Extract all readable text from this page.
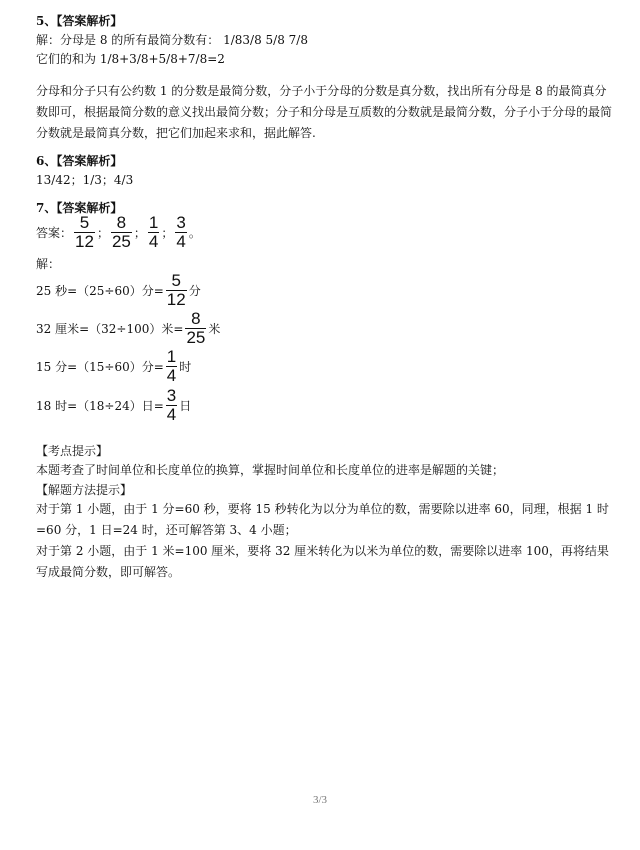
5、【答案解析】
解：分母是 8 的所有最简分数有： 1/83/8 5/8 7/8
它们的和为 1/8+3/8+5/8+7/8=2
分母和分子只有公约数 1 的分数是最简分数，分子小于分母的分数是真分数，找出所有分母是 8 的最简真分数即可，根据最简分数的意义找出最简分数；分子和分母是互质数的分数就是最简分数，分子小于分母的最简分数就是最简真分数，把它们加起来求和，据此解答.
6、【答案解析】
13/42；1/3；4/3
7、【答案解析】
答案： $\frac{5}{12}$ ； $\frac{8}{25}$ ； $\frac{1}{4}$ ； $\frac{3}{4}$ 。
解：
25 秒=（25÷60）分= $\frac{5}{12}$ 分
32 厘米=（32÷100）米= $\frac{8}{25}$ 米
15 分=（15÷60）分= $\frac{1}{4}$ 时
18 时=（18÷24）日= $\frac{3}{4}$ 日
【考点提示】
本题考查了时间单位和长度单位的换算，掌握时间单位和长度单位的进率是解题的关键；
【解题方法提示】
对于第 1 小题，由于 1 分=60 秒，要将 15 秒转化为以分为单位的数，需要除以进率 60，同理，根据 1 时=60 分，1 日=24 时，还可解答第 3、4 小题；
对于第 2 小题，由于 1 米=100 厘米，要将 32 厘米转化为以米为单位的数，需要除以进率 100，再将结果写成最简分数，即可解答。
3/3
